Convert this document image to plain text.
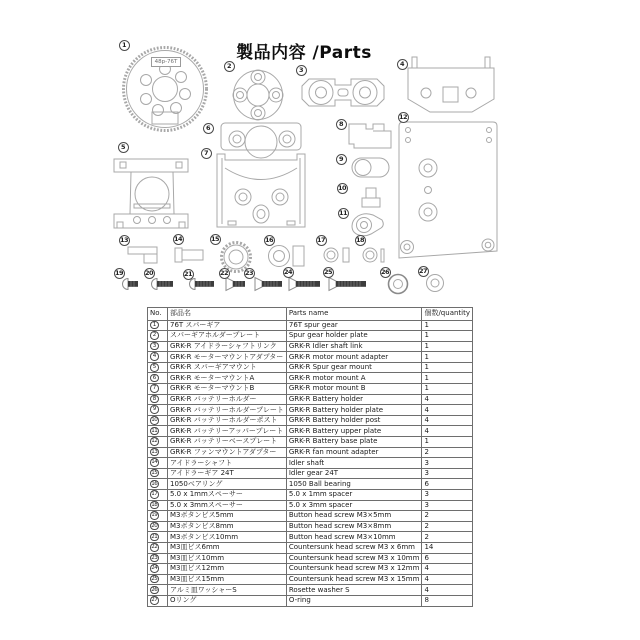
製品内容 /Parts
48p-76T
No.	部品名	Parts name	個数/quantity
1	76T スパーギア	76T spur gear	1
2	スパーギアホルダープレート	Spur gear holder plate	1
3	GRK-R アイドラーシャフトリンク	GRK-R Idler shaft link	1
4	GRK-R モーターマウントアダプター	GRK-R motor mount adapter	1
5	GRK-R スパーギアマウント	GRK-R Spur gear mount	1
6	GRK-R モーターマウントA	GRK-R motor mount A	1
7	GRK-R モーターマウントB	GRK-R motor mount B	1
8	GRK-R バッテリーホルダー	GRK-R Battery holder	4
9	GRK-R バッテリーホルダープレート	GRK-R Battery holder plate	4
10	GRK-R バッテリーホルダーポスト	GRK-R Battery holder post	4
11	GRK-R バッテリーアッパープレート	GRK-R Battery upper plate	4
12	GRK-R バッテリーベースプレート	GRK-R Battery base plate	1
13	GRK-R ファンマウントアダプター	GRK-R fan mount adapter	2
14	アイドラーシャフト	Idler shaft	3
15	アイドラーギア 24T	Idler gear 24T	3
16	1050ベアリング	1050 Ball bearing	6
17	5.0 x 1mmスペーサー	5.0 x 1mm spacer	3
18	5.0 x 3mmスペーサー	5.0 x 3mm spacer	3
19	M3ボタンビス5mm	Button head screw M3×5mm	2
20	M3ボタンビス8mm	Button head screw M3×8mm	2
21	M3ボタンビス10mm	Button head screw M3×10mm	2
22	M3皿ビス6mm	Countersunk head screw M3 x 6mm	14
23	M3皿ビス10mm	Countersunk head screw M3 x 10mm	6
24	M3皿ビス12mm	Countersunk head screw M3 x 12mm	4
25	M3皿ビス15mm	Countersunk head screw M3 x 15mm	4
26	アルミ皿ワッシャーS	Rosette washer S	4
27	Oリング	O-ring	8
1
2	3
4
5
6
7
8
9
10
11
12
13	14	15	16	17	18
19	20	21	22	23	24	25	26	27
